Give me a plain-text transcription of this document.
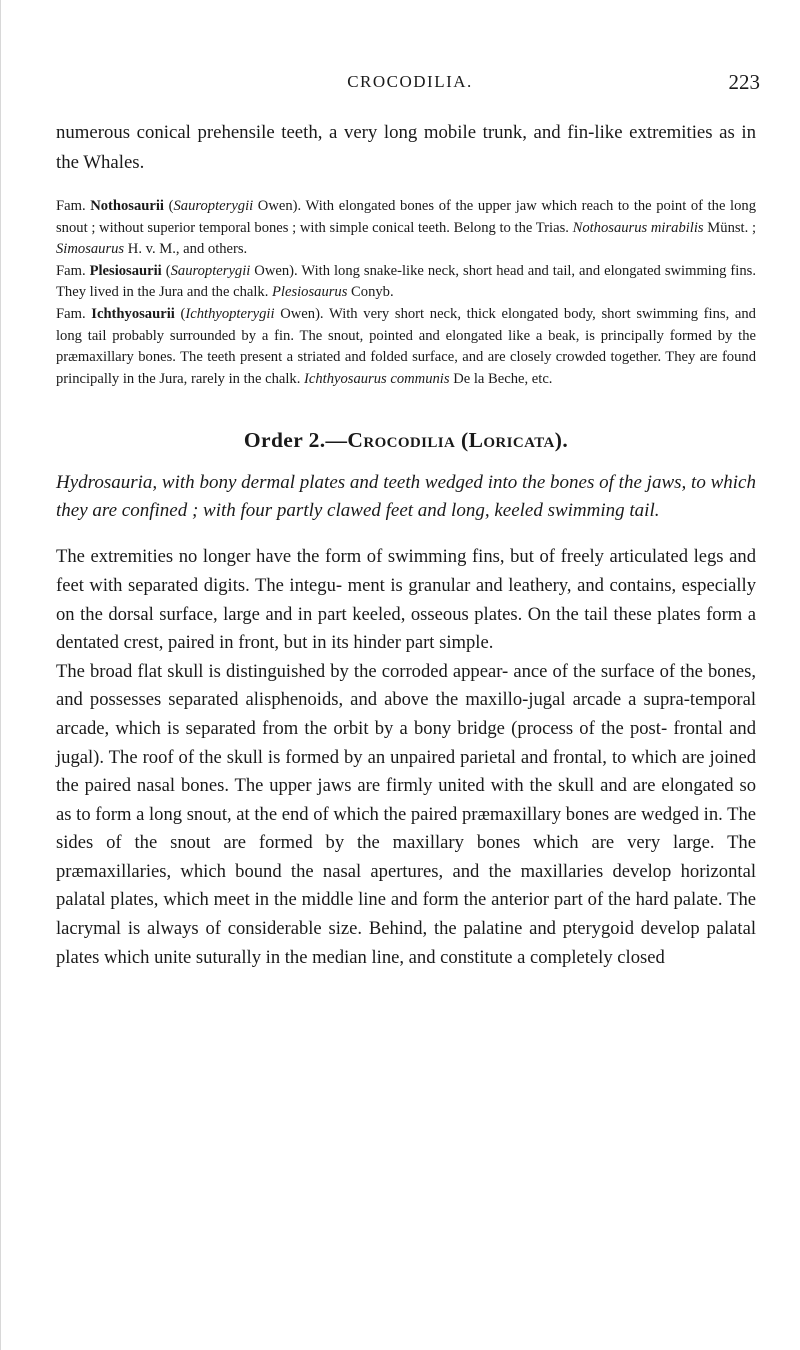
CROCODILIA.	223

numerous conical prehensile teeth, a very long mobile trunk, and fin-like extremities as in the Whales.

Fam. Nothosaurii (Sauropterygii Owen). With elongated bones of the upper jaw which reach to the point of the long snout ; without superior temporal bones ; with simple conical teeth. Belong to the Trias. Nothosaurus mirabilis Münst. ; Simosaurus H. v. M., and others.

Fam. Plesiosaurii (Sauropterygii Owen). With long snake-like neck, short head and tail, and elongated swimming fins. They lived in the Jura and the chalk. Plesiosaurus Conyb.

Fam. Ichthyosaurii (Ichthyopterygii Owen). With very short neck, thick elongated body, short swimming fins, and long tail probably surrounded by a fin. The snout, pointed and elongated like a beak, is principally formed by the præmaxillary bones. The teeth present a striated and folded surface, and are closely crowded together. They are found principally in the Jura, rarely in the chalk. Ichthyosaurus communis De la Beche, etc.

Order 2.—Crocodilia (Loricata).

Hydrosauria, with bony dermal plates and teeth wedged into the bones of the jaws, to which they are confined ; with four partly clawed feet and long, keeled swimming tail.

The extremities no longer have the form of swimming fins, but of freely articulated legs and feet with separated digits. The integu- ment is granular and leathery, and contains, especially on the dorsal surface, large and in part keeled, osseous plates. On the tail these plates form a dentated crest, paired in front, but in its hinder part simple.

The broad flat skull is distinguished by the corroded appear- ance of the surface of the bones, and possesses separated alisphenoids, and above the maxillo-jugal arcade a supra-temporal arcade, which is separated from the orbit by a bony bridge (process of the post- frontal and jugal). The roof of the skull is formed by an unpaired parietal and frontal, to which are joined the paired nasal bones. The upper jaws are firmly united with the skull and are elongated so as to form a long snout, at the end of which the paired præmaxillary bones are wedged in. The sides of the snout are formed by the maxillary bones which are very large. The præmaxillaries, which bound the nasal apertures, and the maxillaries develop horizontal palatal plates, which meet in the middle line and form the anterior part of the hard palate. The lacrymal is always of considerable size. Behind, the palatine and pterygoid develop palatal plates which unite suturally in the median line, and constitute a completely closed
